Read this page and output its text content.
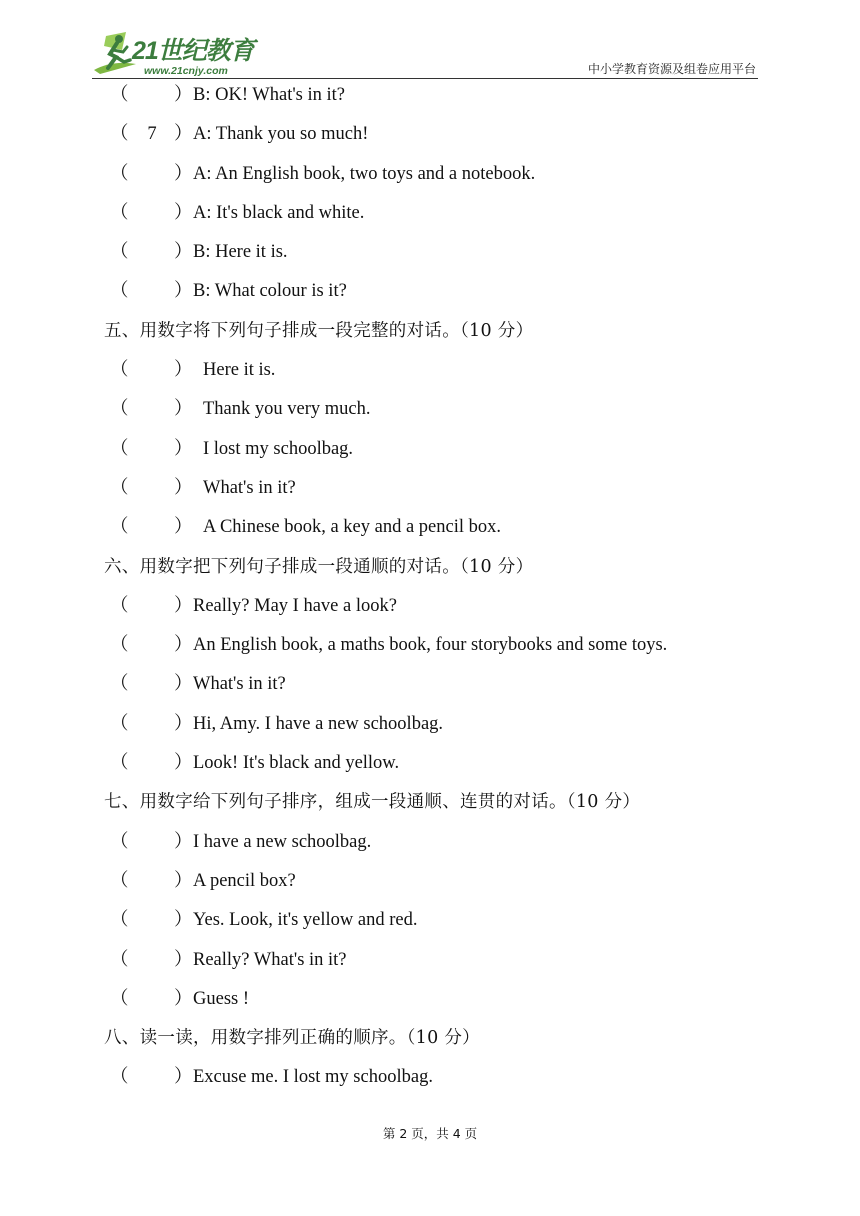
21世纪教育
www.21cnjy.com	中小学教育资源及组卷应用平台
（ ） B: OK! What's in it?
（ 7 ） A: Thank you so much!
（ ） A: An English book, two toys and a notebook.
（ ） A: It's black and white.
（ ） B: Here it is.
（ ） B: What colour is it?
五、用数字将下列句子排成一段完整的对话。（10 分）
（ ） Here it is.
（ ） Thank you very much.
（ ） I lost my schoolbag.
（ ） What's in it?
（ ） A Chinese book, a key and a pencil box.
六、用数字把下列句子排成一段通顺的对话。（10 分）
（ ） Really? May I have a look?
（ ） An English book, a maths book, four storybooks and some toys.
（ ） What's in it?
（ ） Hi, Amy. I have a new schoolbag.
（ ） Look! It's black and yellow.
七、用数字给下列句子排序，组成一段通顺、连贯的对话。（10 分）
（ ） I have a new schoolbag.
（ ） A pencil box?
（ ） Yes. Look, it's yellow and red.
（ ） Really? What's in it?
（ ） Guess !
八、读一读，用数字排列正确的顺序。（10 分）
（ ） Excuse me. I lost my schoolbag.
第 2 页，共 4 页
